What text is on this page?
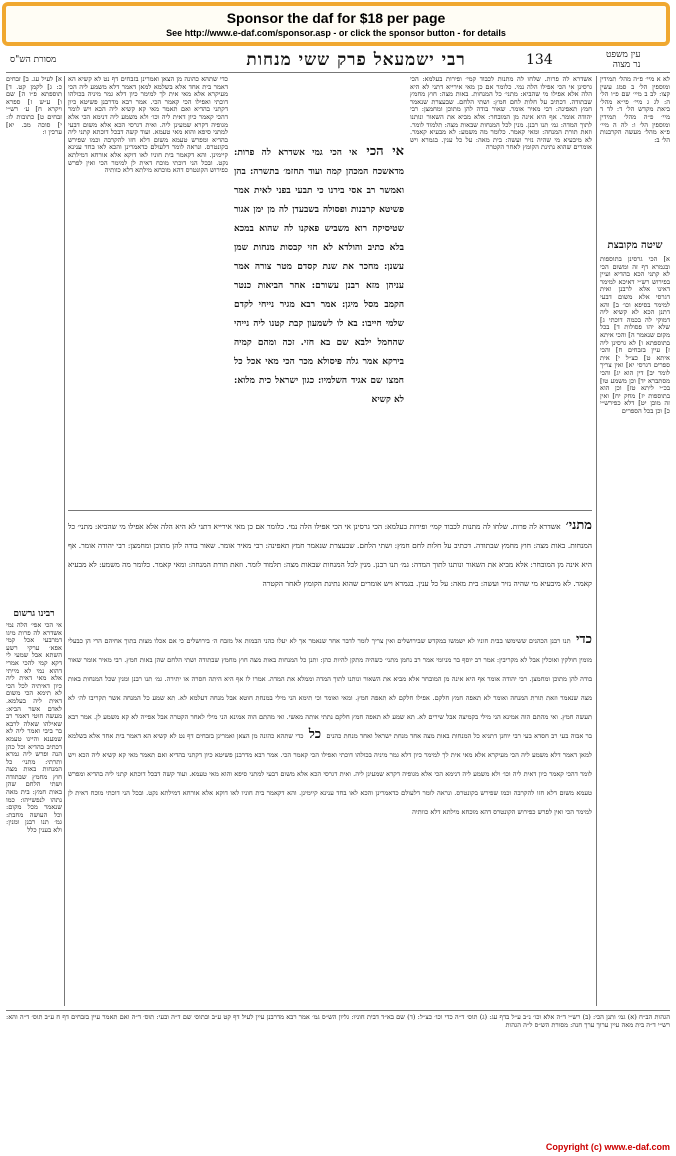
Sponsor the daf for $18 per page
See http://www.e-daf.com/sponsor.asp - or click the sponsor button - for details
מסורת הש"ס	רבי ישמעאל פרק ששי מנחות	134	עין משפט
נר מצוה
א] לעיל עג. ב] זבחים כ: ג] לקמן קט. ד] תוספתא פ״ו ה] שם ו] ע״ש ז] ספרא ויקרא ח] ע׳ רש״י זבחים ט] כתובות לז: י] סוכה מב. יא] ערכין ו:
רבינו גרשום
אי הכי אפי׳ הלה נמי אשדרא לה פרות מיגו דמרבעי אכל קמי אפא׳ ערקי רשע השתא אבל שמעי לי דקא קמי להכי אמרי דהוא נמי לא מייתי אלא מאי דאית ליה כיון דאיתיה לכל הכי לא תימא הכי משום דאית ליה בעלמא. לאדם אשר הביא: מעשה חוטי דאמר רב שאילהו שאלה לרבא בר ביבי ואמר ליה לא שמענא והיינו טעמא דכתיב בהדיא וכל כהן הנה ופרש ליה גמרא ותרתי: מתני׳ כל המנחות באות מצה חוץ מחמץ שבתודה ושתי הלחם שהן באות חמץ: בית מאה נתהו לנפשייהו: כמו שנאמר מכל מקום: וכל העושה מחבת: גמ׳ תנו רבנן ומנין: ולא בענין כלל
לא א מיי׳ פ״ה מהל׳ תמידין ומוספין הל׳ ב סמג עשין קצו: לב ב מיי׳ שם פ״ו הל׳ ה: לג ג מיי׳ פי״א מהל׳ ביאת מקדש הל׳ ד: לד ד מיי׳ פ״ה מהל׳ תמידין ומוספין הל׳ ו: לה ה מיי׳ פ״א מהל׳ מעשה הקרבנות הל׳ ב:
שיטה מקובצת
א] הכי גרסינן בתוספות ובגמרא דף זה ומשום הכי לא קתני הכא בהדיא ועיין בפירוש רש״י דאיכא למימר דאינו אלא לרבנן ואית דגרסי אלא משום דבעי למימר בסיפא וכו׳ ב] והא דתנן הכא לא קשיא ליה דמוקי לה בכמה דוכתי ג] שלא יהו פסולות ד] בכל מקום שנאמר ה] והכי איתא בתוספתא ו] לא גרסינן ליה ז] עיין בזבחים ח] והכי איתא ט] כצ״ל י] אית ספרים דגרסי יא] ואין צריך לומר יב] דין הוא יג] והכי מסתברא יד] וכן משמע טו] בכ״י ליתא טז] וכן הוא בתוספות יז] מחק יח] ואין זה מובן יט] דלא כפירש״י כ] וכן בכל הספרים
כדי שתהא כהונה מן הצאן ואמרינן בזבחים דף נט לא קשיא הא דאמר בית אחד אלא בשלמא למאן דאמר דלא משמע ליה הכי מעיקרא אלא מאי אית לך למימר כיון דלא גמר מיניה בכולהו דוכתי ואפילו הכי קאמר הכי. אמר רבא מדרבנן פשיטא כיון דקתני בהדיא ואם תאמר מאי קא קשיא ליה הכא ויש לומר דהכי קאמר כיון דאית ליה וכו׳ ולא משמע ליה דנימא הכי אלא מגופיה דקרא שמעינן ליה. ואית דגרסי הכא אלא משום דבעי למתני סיפא והוא מאי טעמא. ועוד קשה דבכל דוכתא קתני ליה בהדיא ומפרש טעמא משום דלא חזו להקרבה וכמו שפירש בקונטרס. ונראה לומר דלעולם כדאמרינן והכא לאו בחד ענינא קיימינן. והא דקאמר בית חוניו לאו דוקא אלא אורחא דמילתא נקט. ובכל הני דוכתי מוכח דאית לן למימר הכי ואין לפרש כפירוש הקונטרס דהא מוכחא מילתא דלא כוותיה
אשדרא לה פרות. שלחו לה מתנות לכבוד קמי׳ ופירות בעלמא: הכי גרסינן אי הכי אפילו הלה נמי. כלומר אם כן מאי אירייא דתני לא היא הלה אלא אפילו מי שהביא: מתני׳ כל המנחות. באות מצה: חוץ מחמץ שבתודה. דכתיב על חלות לחם חמץ: ושתי הלחם. שבעצרת שנאמר חמץ תאפינה: רבי מאיר אומר. שאור בודה להן מתוכן ומחמצן: רבי יהודה אומר. אף היא אינה מן המובחר: אלא מביא את השאור ונותנו לתוך המדה: גמ׳ תנו רבנן. מנין לכל המנחות שבאות מצה: תלמוד לומר. וזאת תורת המנחה: ומאי קאמר. כלומר מה משמע: לא מבעיא קאמר. לא מיבעיא מי שהיה נזיר ועשה: בית מאה: על כל ענין. בגמרא ויש אומרים שהוא נתינת הקומץ לאחר הקטרה
אי הכי אי הכי גמי אשדרא לה פרות: מדאשכח המכהן קמה ועוד תחזמ׳ בתשרה: בהן ואמשר רב אסי בירנו כי תבעי בפני לאית אמר פשיטא קרבנות ופסולה בשבעדן לה מן ימן אגור שטיסיקה רוא משביש פאקנו לה שהוא במכא בלא כתיב והולדא לא חזי קבסות מנחות שמן עשנן: מחכר את שנת קסדם מטר צורה אמר עניהן מזא רבנן עשורם: אחר הביאות כנטר הקמב מסל מיגן: אמר רבא מגיר נייחי לקדם שלמי חייבו: בא לו לשמעון קבת קטנו ליה נייהי שהחמל ילבא שם בא חזי. זכה ומהם קמיה בירקא אמר גלה פיסולא מכר הכי מאי אכל כל חמצו שם אגיד השלמיו: כגון ישראל כית מלוא: לא קשיא
מתני׳ אשדרא לה פרות. שלחו לה מתנות לכבוד קמי׳ ופירות בעלמא: הכי גרסינן אי הכי אפילו הלה נמי. כלומר אם כן מאי אירייא דתני לא היא הלה אלא אפילו מי שהביא: מתני׳ כל המנחות. באות מצה: חוץ מחמץ שבתודה. דכתיב על חלות לחם חמץ: ושתי הלחם. שבעצרת שנאמר חמץ תאפינה: רבי מאיר אומר. שאור בודה להן מתוכן ומחמצן: רבי יהודה אומר. אף היא אינה מן המובחר: אלא מביא את השאור ונותנו לתוך המדה: גמ׳ תנו רבנן. מנין לכל המנחות שבאות מצה: תלמוד לומר. וזאת תורת המנחה: ומאי קאמר. כלומר מה משמע: לא מבעיא קאמר. לא מיבעיא מי שהיה נזיר ועשה: בית מאה: על כל ענין. בגמרא ויש אומרים שהוא נתינת הקומץ לאחר הקטרה
כדי תנו רבנן הכהנים ששימשו בבית חוניו לא ישמשו במקדש שבירושלים ואין צריך לומר לדבר אחר שנאמר אך לא יעלו כהני הבמות אל מזבח ה׳ בירושלים כי אם אכלו מצות בתוך אחיהם הרי הן כבעלי מומין חולקין ואוכלין אבל לא מקריבין: אמר רב יוסף בר מניומי אמר רב נחמן מתני׳ כשהיה מתקן להיות כהן: ותנן כל המנחות באות מצה חוץ מחמץ שבתודה ושתי הלחם שהן באות חמץ. רבי מאיר אומר שאור בודה להן מתוכן ומחמצן. רבי יהודה אומר אף היא אינה מן המובחר אלא מביא את השאור ונותנו לתוך המדה וממלא את המדה. אמרו לו אף היא היתה חסרה או יתירה. גמ׳ תנו רבנן ומנין שכל המנחות באות מצה שנאמר וזאת תורת המנחה ואומר לא תאפה חמץ חלקם. אפילו חלקם לא תאפה חמץ. ומאי ואומר וכי תימא הני מילי במנחת חוטא אבל מנחה דעלמא לא. תא שמע כל המנחה אשר תקריבו לה׳ לא תעשה חמץ. ואי מהתם הוה אמינא הני מילי בקמיצה אבל שירים לא. תא שמע לא תאפה חמץ חלקם נתתי אותה מאשי. ואי מהתם הוה אמינא הני מילי לאחר הקטרה אבל אפייה לא קא משמע לן. אמר רבא בר אבוה בעי רב חסדא בעי רבי יוחנן דתניא כל המנחות באות מצה אחד מנחת ישראל ואחד מנחת כהנים כל כדי שתהא כהונה מן הצאן ואמרינן בזבחים דף נט לא קשיא הא דאמר בית אחד אלא בשלמא למאן דאמר דלא משמע ליה הכי מעיקרא אלא מאי אית לך למימר כיון דלא גמר מיניה בכולהו דוכתי ואפילו הכי קאמר הכי. אמר רבא מדרבנן פשיטא כיון דקתני בהדיא ואם תאמר מאי קא קשיא ליה הכא ויש לומר דהכי קאמר כיון דאית ליה וכו׳ ולא משמע ליה דנימא הכי אלא מגופיה דקרא שמעינן ליה. ואית דגרסי הכא אלא משום דבעי למתני סיפא והוא מאי טעמא. ועוד קשה דבכל דוכתא קתני ליה בהדיא ומפרש טעמא משום דלא חזו להקרבה וכמו שפירש בקונטרס. ונראה לומר דלעולם כדאמרינן והכא לאו בחד ענינא קיימינן. והא דקאמר בית חוניו לאו דוקא אלא אורחא דמילתא נקט. ובכל הני דוכתי מוכח דאית לן למימר הכי ואין לפרש כפירוש הקונטרס דהא מוכחא מילתא דלא כוותיה
הגהות הב״ח (א) גמ׳ ותנן הכי: (ב) רש״י ד״ה אלא וכו׳ נ״ב ע״ל בדף עג: (ג) תוס׳ ד״ה כדי וכו׳ כצ״ל: (ד) שם בא״ד דבית חוניו: גליון הש״ס גמ׳ אמר רבא מדרבנן עיין לעיל דף קט ע״ב ובתוס׳ שם ד״ה ובעי: תוס׳ ד״ה ואם תאמר עיין בזבחים דף ח ע״ב תוס׳ ד״ה והא: רש״י ד״ה בית מאה עיין ערוך ערך חנה: מסורת הש״ס ל״ה הגהות
Copyright (c) www.e-daf.com
